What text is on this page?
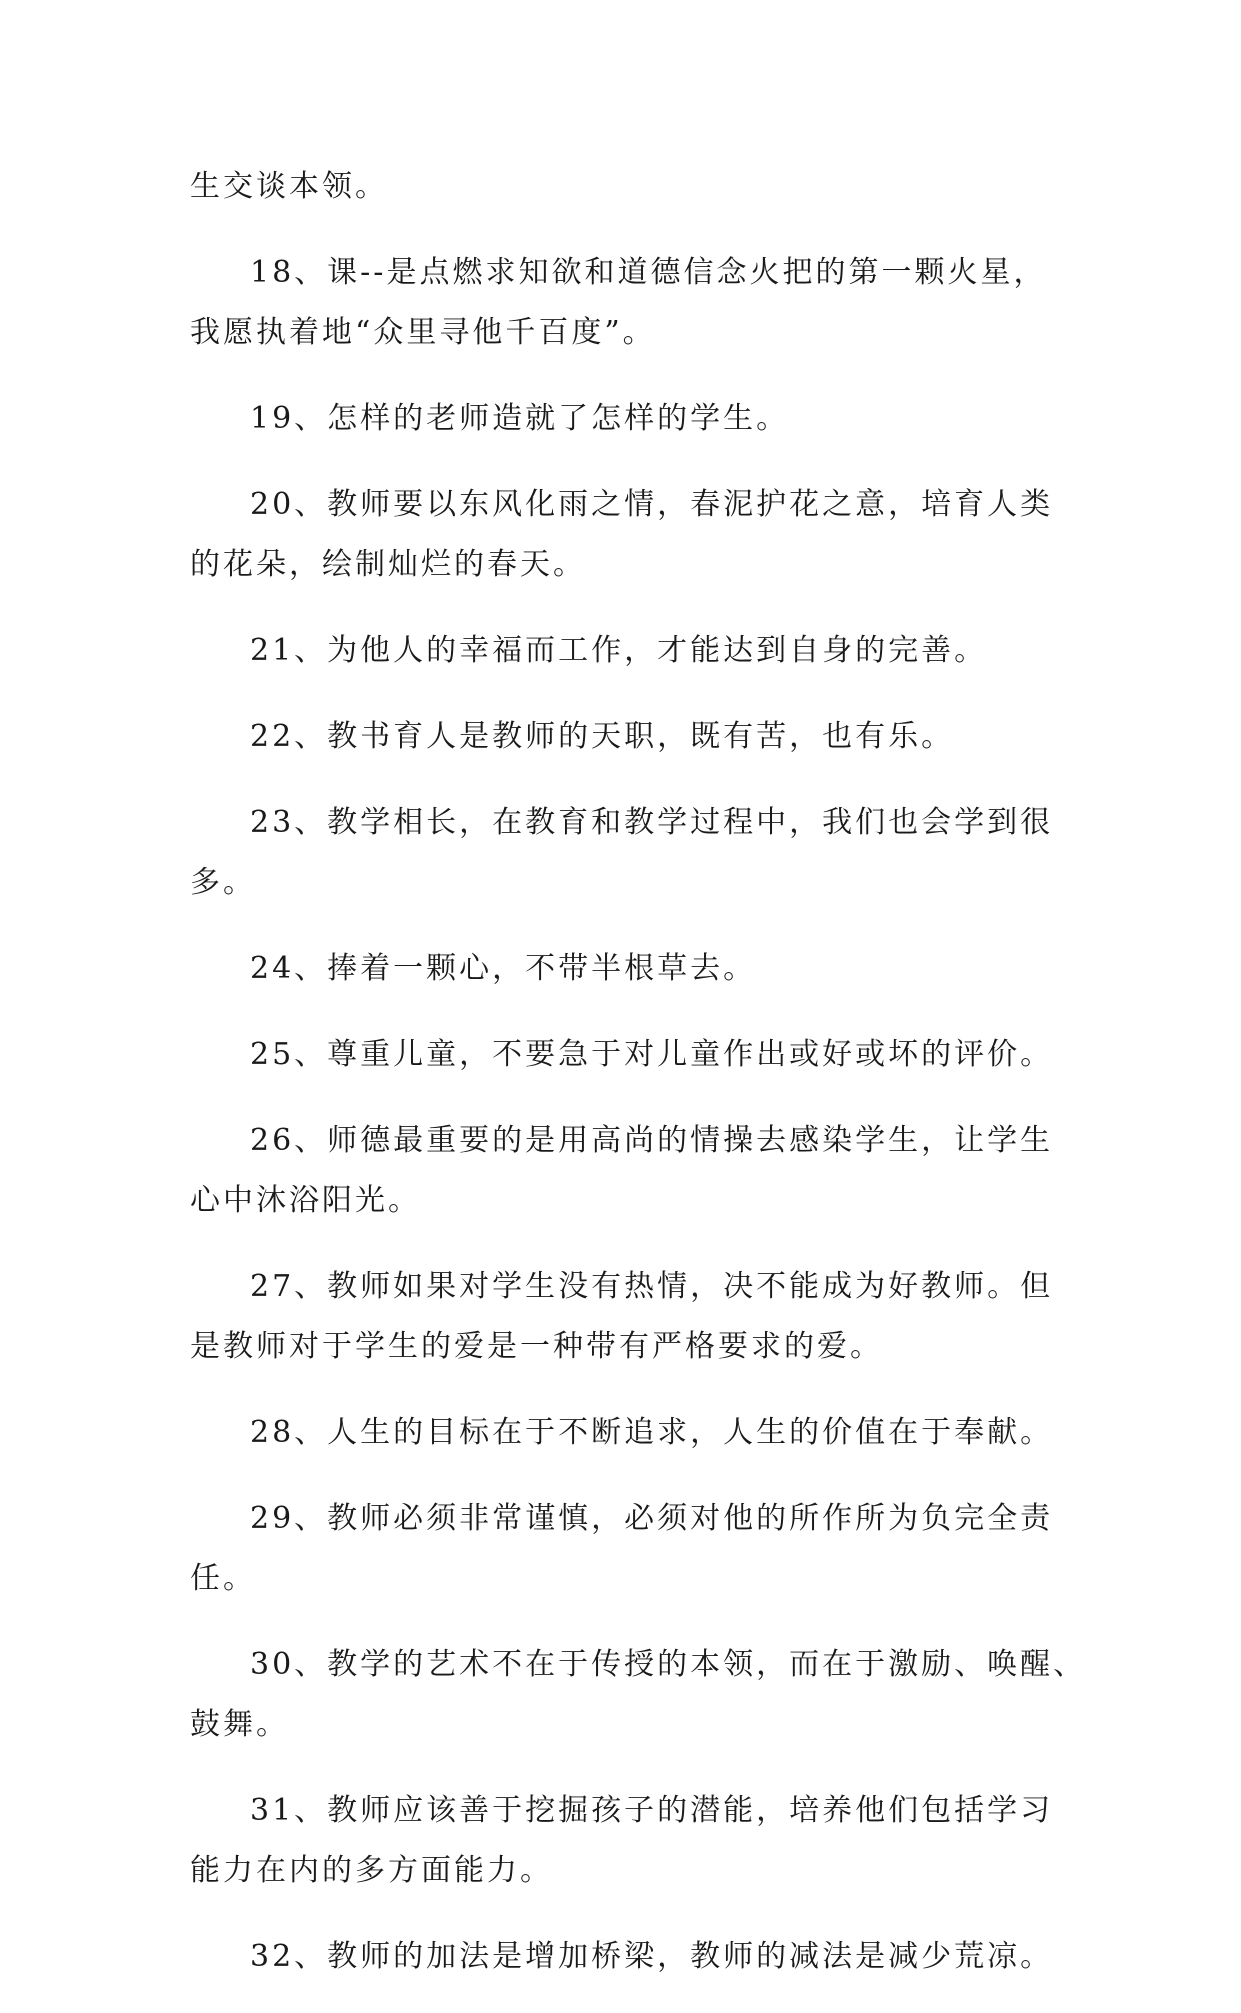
生交谈本领。

18、课--是点燃求知欲和道德信念火把的第一颗火星，
我愿执着地“众里寻他千百度”。

19、怎样的老师造就了怎样的学生。

20、教师要以东风化雨之情，春泥护花之意，培育人类
的花朵，绘制灿烂的春天。

21、为他人的幸福而工作，才能达到自身的完善。

22、教书育人是教师的天职，既有苦，也有乐。

23、教学相长，在教育和教学过程中，我们也会学到很
多。

24、捧着一颗心，不带半根草去。

25、尊重儿童，不要急于对儿童作出或好或坏的评价。

26、师德最重要的是用高尚的情操去感染学生，让学生
心中沐浴阳光。

27、教师如果对学生没有热情，决不能成为好教师。但
是教师对于学生的爱是一种带有严格要求的爱。

28、人生的目标在于不断追求，人生的价值在于奉献。

29、教师必须非常谨慎，必须对他的所作所为负完全责
任。

30、教学的艺术不在于传授的本领，而在于激励、唤醒、
鼓舞。

31、教师应该善于挖掘孩子的潜能，培养他们包括学习
能力在内的多方面能力。

32、教师的加法是增加桥梁，教师的减法是减少荒凉。
